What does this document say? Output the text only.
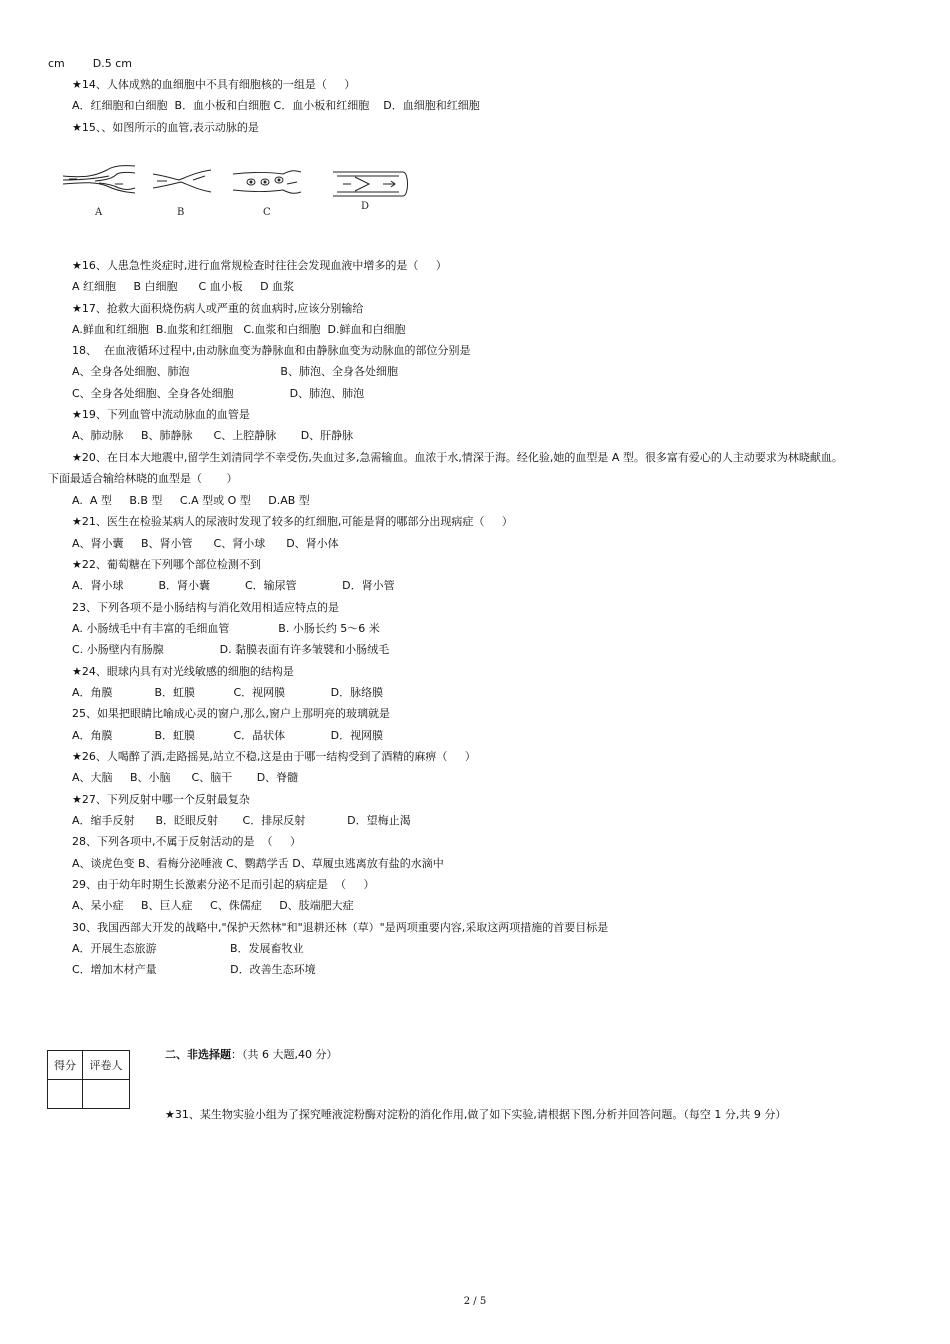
cm        D.5 cm
★14、人体成熟的血细胞中不具有细胞核的一组是（     ）
A．红细胞和白细胞  B．血小板和白细胞 C．血小板和红细胞    D．血细胞和红细胞
★15、、如图所示的血管,表示动脉的是
A	B	C
D
★16、人患急性炎症时,进行血常规检查时往往会发现血液中增多的是（     ）
A 红细胞     B 白细胞      C 血小板     D 血浆
★17、抢救大面积烧伤病人或严重的贫血病时,应该分别输给
A.鲜血和红细胞  B.血浆和红细胞   C.血浆和白细胞  D.鲜血和白细胞
18、  在血液循环过程中,由动脉血变为静脉血和由静脉血变为动脉血的部位分别是
A、全身各处细胞、肺泡                          B、肺泡、全身各处细胞
C、全身各处细胞、全身各处细胞                D、肺泡、肺泡
★19、下列血管中流动脉血的血管是
A、肺动脉     B、肺静脉      C、上腔静脉       D、肝静脉
★20、在日本大地震中,留学生刘清同学不幸受伤,失血过多,急需输血。血浓于水,情深于海。经化验,她的血型是 A 型。很多富有爱心的人主动要求为林晓献血。
下面最适合输给林晓的血型是（       ）
A.  A 型     B.B 型     C.A 型或 O 型     D.AB 型
★21、医生在检验某病人的尿液时发现了较多的红细胞,可能是肾的哪部分出现病症（     ）
A、肾小囊     B、肾小管      C、肾小球      D、肾小体
★22、葡萄糖在下列哪个部位检测不到
A．肾小球          B．肾小囊          C．输尿管             D．肾小管
23、下列各项不是小肠结构与消化效用相适应特点的是
A. 小肠绒毛中有丰富的毛细血管              B. 小肠长约 5～6 米
C. 小肠壁内有肠腺                D. 黏膜表面有许多皱襞和小肠绒毛
★24、眼球内具有对光线敏感的细胞的结构是
A．角膜            B．虹膜           C．视网膜             D．脉络膜
25、如果把眼睛比喻成心灵的窗户,那么,窗户上那明亮的玻璃就是
A．角膜            B．虹膜           C．晶状体             D．视网膜
★26、人喝醉了酒,走路摇晃,站立不稳,这是由于哪一结构受到了酒精的麻痹（     ）
A、大脑     B、小脑      C、脑干       D、脊髓
★27、下列反射中哪一个反射最复杂
A．缩手反射      B．眨眼反射       C．排尿反射            D．望梅止渴
28、下列各项中,不属于反射活动的是  （     ）
A、谈虎色变 B、看梅分泌唾液 C、鹦鹉学舌 D、草履虫逃离放有盐的水滴中
29、由于幼年时期生长激素分泌不足而引起的病症是  （     ）
A、呆小症     B、巨人症     C、侏儒症     D、肢端肥大症
30、我国西部大开发的战略中,"保护天然林"和"退耕还林（草）"是两项重要内容,采取这两项措施的首要目标是
A．开展生态旅游                     B．发展畜牧业
C．增加木材产量                     D．改善生态环境
得分	评卷人

二、非选择题：（共 6 大题,40 分）
★31、某生物实验小组为了探究唾液淀粉酶对淀粉的消化作用,做了如下实验,请根据下图,分析并回答问题。（每空 1 分,共 9 分）
2 / 5
